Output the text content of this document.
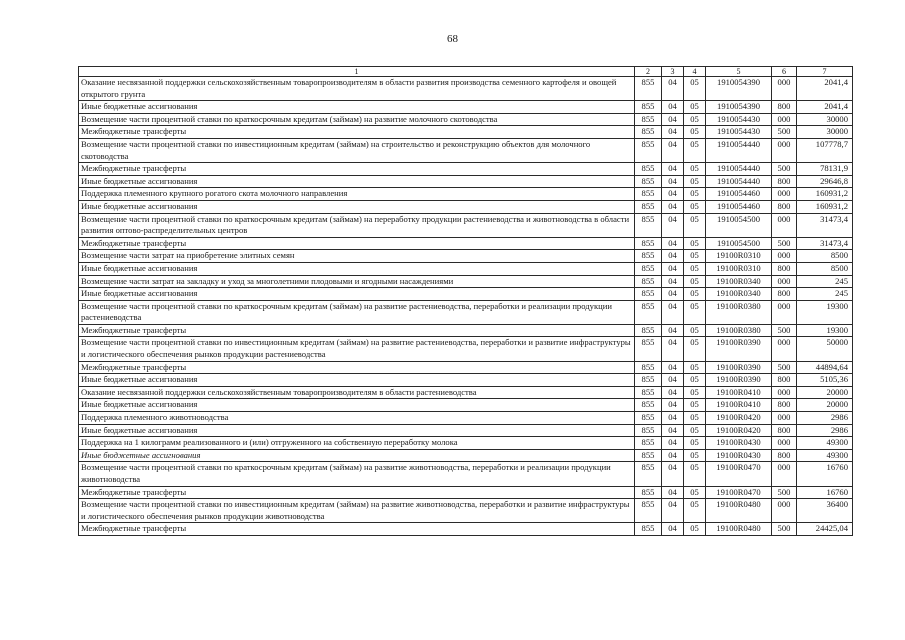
68
1	2	3	4	5	6	7
Оказание несвязанной поддержки сельскохозяйственным товаропроизводителям в области развития производства семенного картофеля и овощей открытого грунта	855	04	05	1910054390	000	2041,4
Иные бюджетные ассигнования	855	04	05	1910054390	800	2041,4
Возмещение части процентной ставки по краткосрочным кредитам (займам) на развитие молочного скотоводства	855	04	05	1910054430	000	30000
Межбюджетные трансферты	855	04	05	1910054430	500	30000
Возмещение части процентной ставки по инвестиционным кредитам (займам) на строительство и реконструкцию объектов для молочного скотоводства	855	04	05	1910054440	000	107778,7
Межбюджетные трансферты	855	04	05	1910054440	500	78131,9
Иные бюджетные ассигнования	855	04	05	1910054440	800	29646,8
Поддержка племенного крупного рогатого скота молочного направления	855	04	05	1910054460	000	160931,2
Иные бюджетные ассигнования	855	04	05	1910054460	800	160931,2
Возмещение части процентной ставки по краткосрочным кредитам (займам) на переработку продукции растениеводства и животноводства в области развития оптово-распределительных центров	855	04	05	1910054500	000	31473,4
Межбюджетные трансферты	855	04	05	1910054500	500	31473,4
Возмещение части затрат на приобретение элитных семян	855	04	05	19100R0310	000	8500
Иные бюджетные ассигнования	855	04	05	19100R0310	800	8500
Возмещение части затрат на закладку и уход за многолетними плодовыми и ягодными насаждениями	855	04	05	19100R0340	000	245
Иные бюджетные ассигнования	855	04	05	19100R0340	800	245
Возмещение части процентной ставки по краткосрочным кредитам (займам) на развитие растениеводства, переработки и реализации продукции растениеводства	855	04	05	19100R0380	000	19300
Межбюджетные трансферты	855	04	05	19100R0380	500	19300
Возмещение части процентной ставки по инвестиционным кредитам (займам) на развитие растениеводства, переработки и развитие инфраструктуры и логистического обеспечения рынков продукции растениеводства	855	04	05	19100R0390	000	50000
Межбюджетные трансферты	855	04	05	19100R0390	500	44894,64
Иные бюджетные ассигнования	855	04	05	19100R0390	800	5105,36
Оказание несвязанной поддержки сельскохозяйственным товаропроизводителям в области растениеводства	855	04	05	19100R0410	000	20000
Иные бюджетные ассигнования	855	04	05	19100R0410	800	20000
Поддержка племенного животноводства	855	04	05	19100R0420	000	2986
Иные бюджетные ассигнования	855	04	05	19100R0420	800	2986
Поддержка на 1 килограмм реализованного и (или) отгруженного на собственную переработку молока	855	04	05	19100R0430	000	49300
Иные бюджетные ассигнования	855	04	05	19100R0430	800	49300
Возмещение части процентной ставки по краткосрочным кредитам (займам) на развитие животноводства, переработки и реализации продукции животноводства	855	04	05	19100R0470	000	16760
Межбюджетные трансферты	855	04	05	19100R0470	500	16760
Возмещение части процентной ставки по инвестиционным кредитам (займам) на развитие животноводства, переработки и развитие инфраструктуры и логистического обеспечения рынков продукции животноводства	855	04	05	19100R0480	000	36400
Межбюджетные трансферты	855	04	05	19100R0480	500	24425,04
